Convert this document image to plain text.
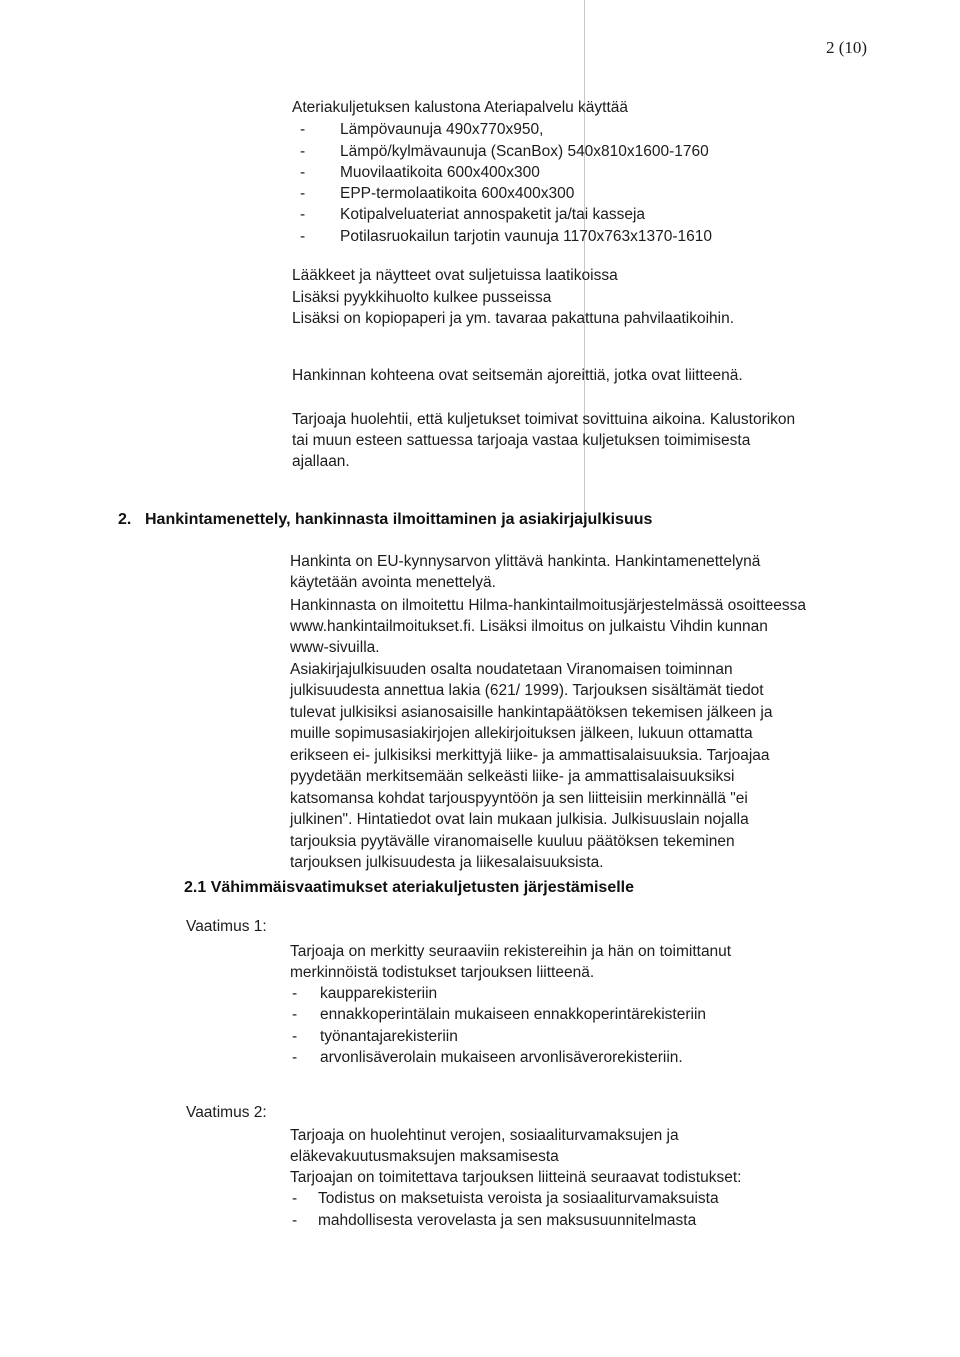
2 (10)
Ateriakuljetuksen kalustona Ateriapalvelu käyttää
- Lämpövaunuja 490x770x950,
- Lämpö/kylmävaunuja (ScanBox) 540x810x1600-1760
- Muovilaatikoita 600x400x300
- EPP-termolaatikoita 600x400x300
- Kotipalveluateriat annospaketit ja/tai kasseja
- Potilasruokailun tarjotin vaunuja 1170x763x1370-1610
Lääkkeet ja näytteet ovat suljetuissa laatikoissa
Lisäksi pyykkihuolto kulkee pusseissa
Lisäksi on kopiopaperi ja ym. tavaraa pakattuna pahvilaatikoihin.
Hankinnan kohteena ovat seitsemän ajoreittiä, jotka ovat liitteenä.
Tarjoaja huolehtii, että kuljetukset toimivat sovittuina aikoina. Kalustorikon
tai muun esteen sattuessa tarjoaja vastaa kuljetuksen toimimisesta
ajallaan.
2. Hankintamenettely, hankinnasta ilmoittaminen ja asiakirjajulkisuus
Hankinta on EU-kynnysarvon ylittävä hankinta. Hankintamenettelynä
käytetään avointa menettelyä.
Hankinnasta on ilmoitettu Hilma-hankintailmoitusjärjestelmässä osoitteessa
www.hankintailmoitukset.fi. Lisäksi ilmoitus on julkaistu Vihdin kunnan
www-sivuilla.
Asiakirjajulkisuuden osalta noudatetaan Viranomaisen toiminnan
julkisuudesta annettua lakia (621/ 1999). Tarjouksen sisältämät tiedot
tulevat julkisiksi asianosaisille hankintapäätöksen tekemisen jälkeen ja
muille sopimusasiakirjojen allekirjoituksen jälkeen, lukuun ottamatta
erikseen ei- julkisiksi merkittyjä liike- ja ammattisalaisuuksia. Tarjoajaa
pyydetään merkitsemään selkeästi liike- ja ammattisalaisuuksiksi
katsomansa kohdat tarjouspyyntöön ja sen liitteisiin merkinnällä "ei
julkinen". Hintatiedot ovat lain mukaan julkisia. Julkisuuslain nojalla
tarjouksia pyytävälle viranomaiselle kuuluu päätöksen tekeminen
tarjouksen julkisuudesta ja liikesalaisuuksista.
2.1 Vähimmäisvaatimukset ateriakuljetusten järjestämiselle
Vaatimus 1:
Tarjoaja on merkitty seuraaviin rekistereihin ja hän on toimittanut
merkinnöistä todistukset tarjouksen liitteenä.
- kaupparekisteriin
- ennakkoperintälain mukaiseen ennakkoperintärekisteriin
- työnantajarekisteriin
- arvonlisäverolain mukaiseen arvonlisäverorekisteriin.
Vaatimus 2:
Tarjoaja on huolehtinut verojen, sosiaaliturvamaksujen ja
eläkevakuutusmaksujen maksamisesta
Tarjoajan on toimitettava tarjouksen liitteinä seuraavat todistukset:
- Todistus on maksetuista veroista ja sosiaaliturvamaksuista
- mahdollisesta verovelasta ja sen maksusuunnitelmasta
